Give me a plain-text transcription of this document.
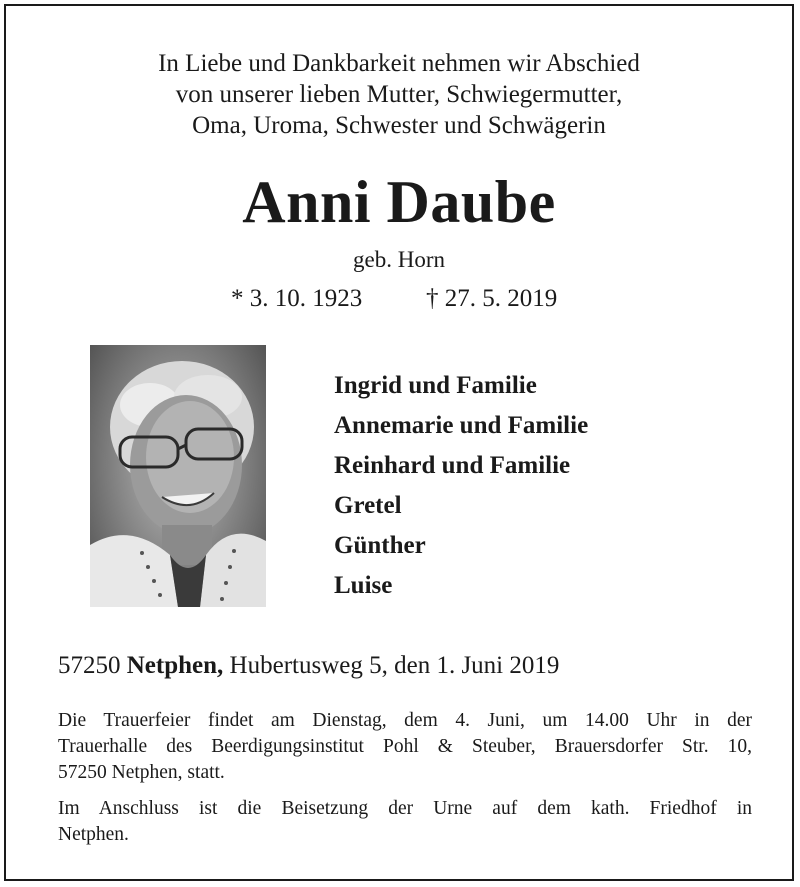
In Liebe und Dankbarkeit nehmen wir Abschied
von unserer lieben Mutter, Schwiegermutter,
Oma, Uroma, Schwester und Schwägerin
Anni Daube
geb. Horn
* 3. 10. 1923	† 27. 5. 2019
Ingrid und Familie
Annemarie und Familie
Reinhard und Familie
Gretel
Günther
Luise
57250 Netphen, Hubertusweg 5, den 1. Juni 2019
Die Trauerfeier findet am Dienstag, dem 4. Juni, um 14.00 Uhr in der
Trauerhalle des Beerdigungsinstitut Pohl & Steuber, Brauersdorfer Str. 10,
57250 Netphen, statt.
Im Anschluss ist die Beisetzung der Urne auf dem kath. Friedhof in
Netphen.
